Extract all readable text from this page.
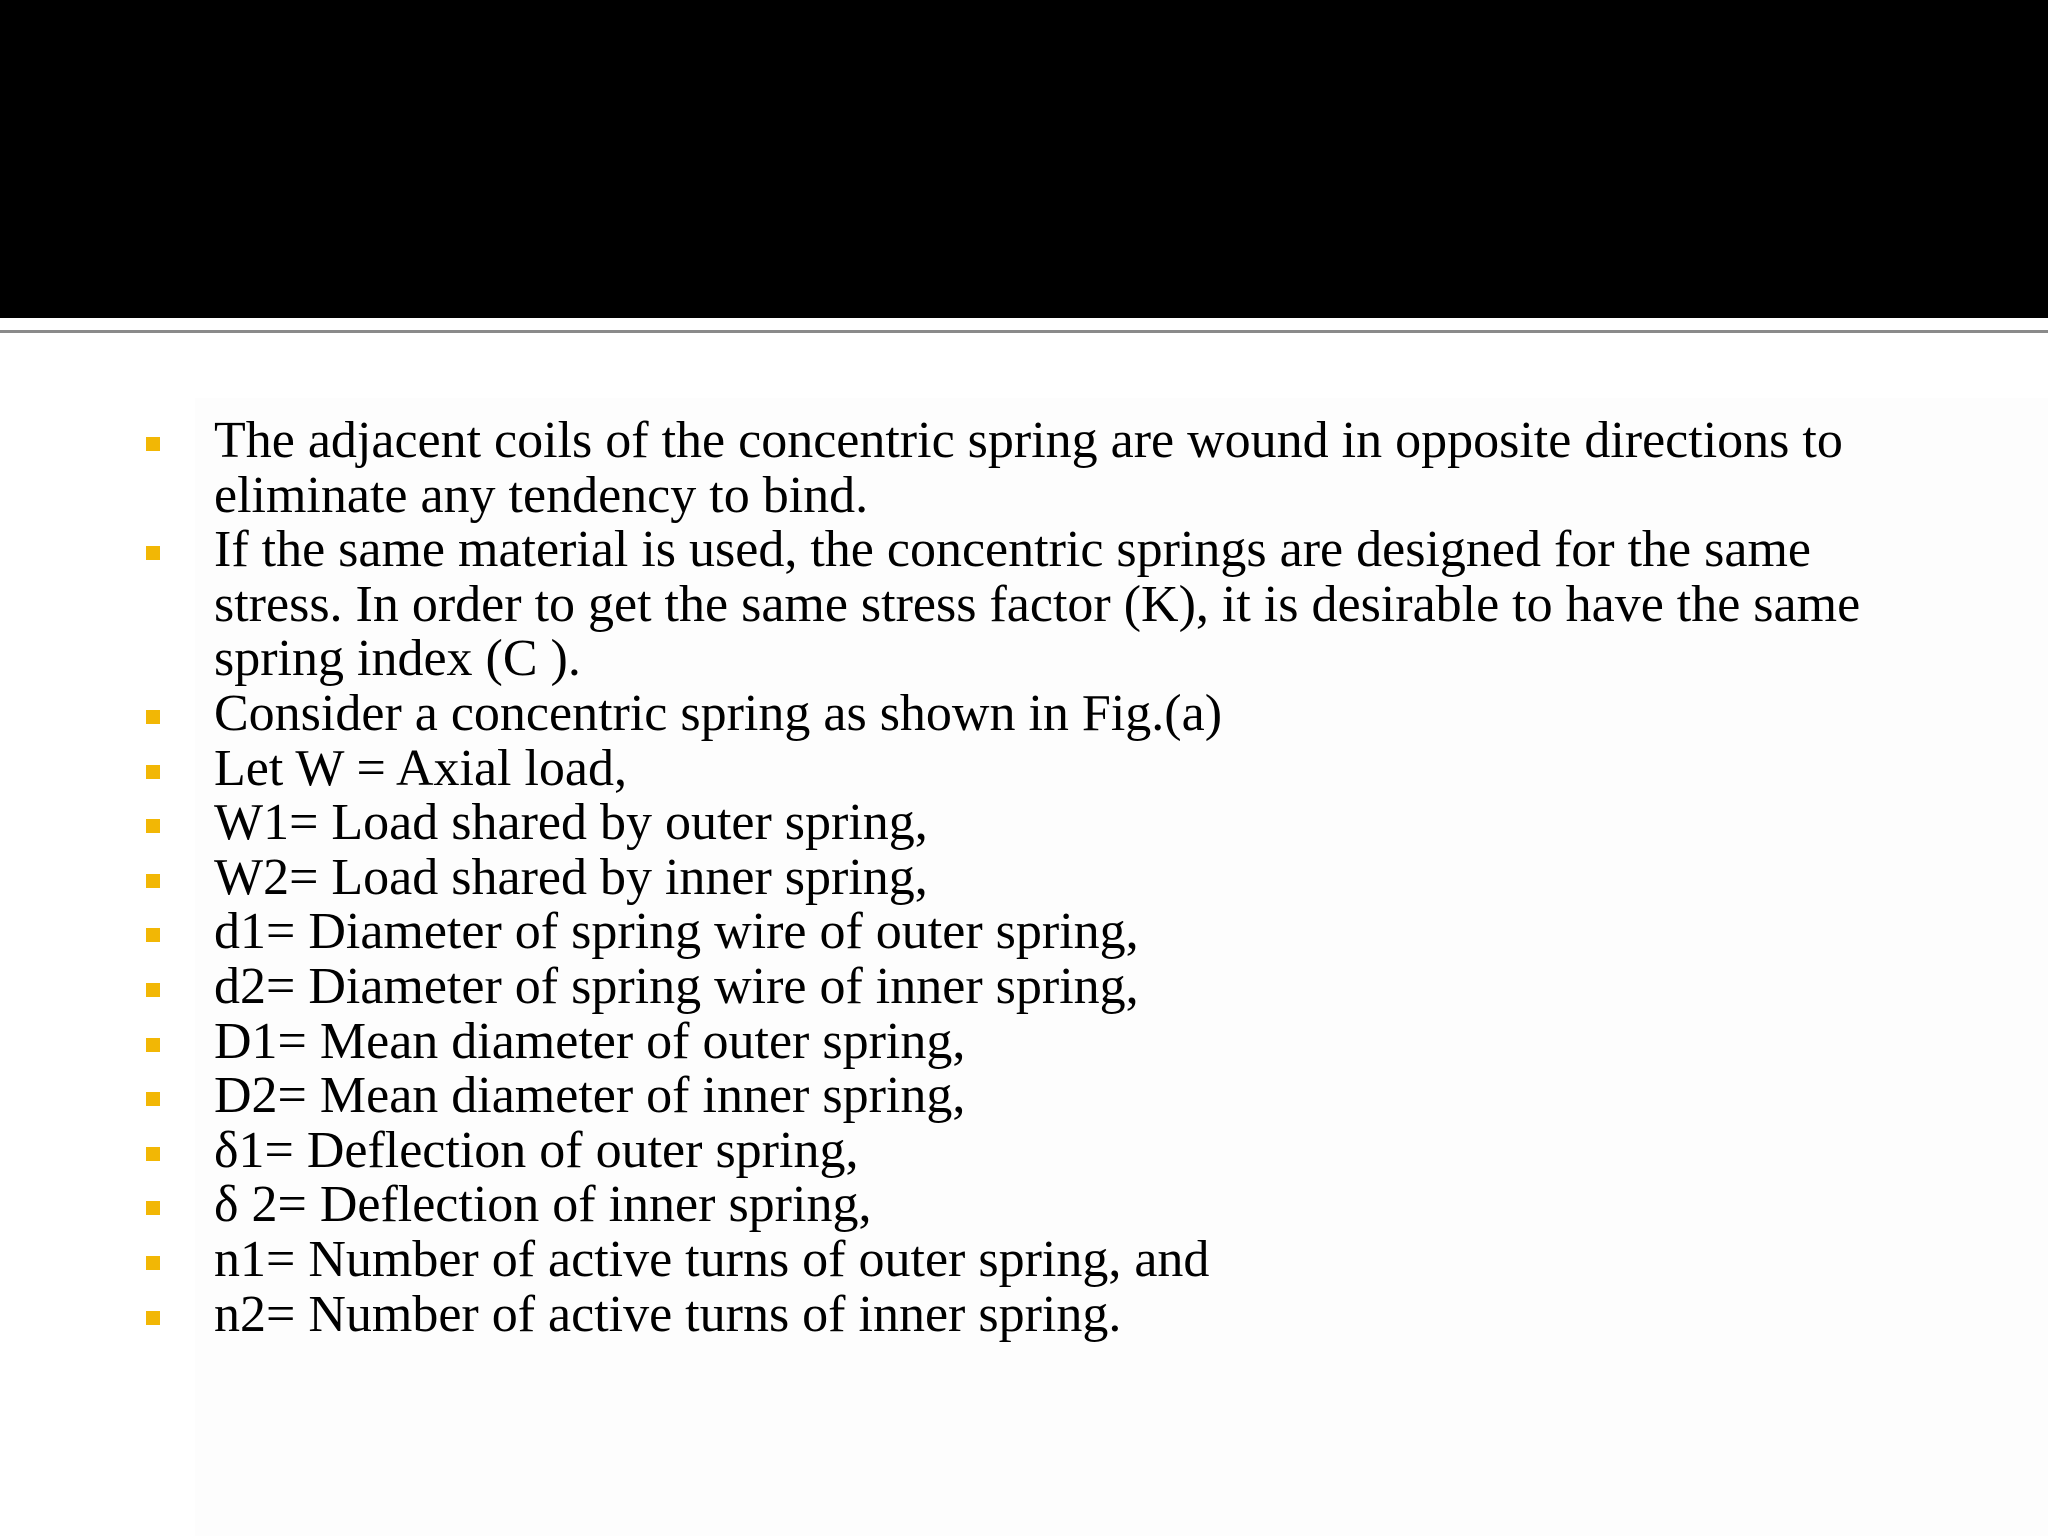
The adjacent coils of the concentric spring are wound in opposite directions to eliminate any tendency to bind.
If the same material is used, the concentric springs are designed for the same stress. In order to get the same stress factor (K), it is desirable to have the same spring index (C ).
Consider a concentric spring as shown in Fig.(a)
Let W = Axial load,
W1= Load shared by outer spring,
W2= Load shared by inner spring,
d1= Diameter of spring wire of outer spring,
d2= Diameter of spring wire of inner spring,
D1= Mean diameter of outer spring,
D2= Mean diameter of inner spring,
δ1= Deflection of outer spring,
δ 2= Deflection of inner spring,
n1= Number of active turns of outer spring, and
n2= Number of active turns of inner spring.
